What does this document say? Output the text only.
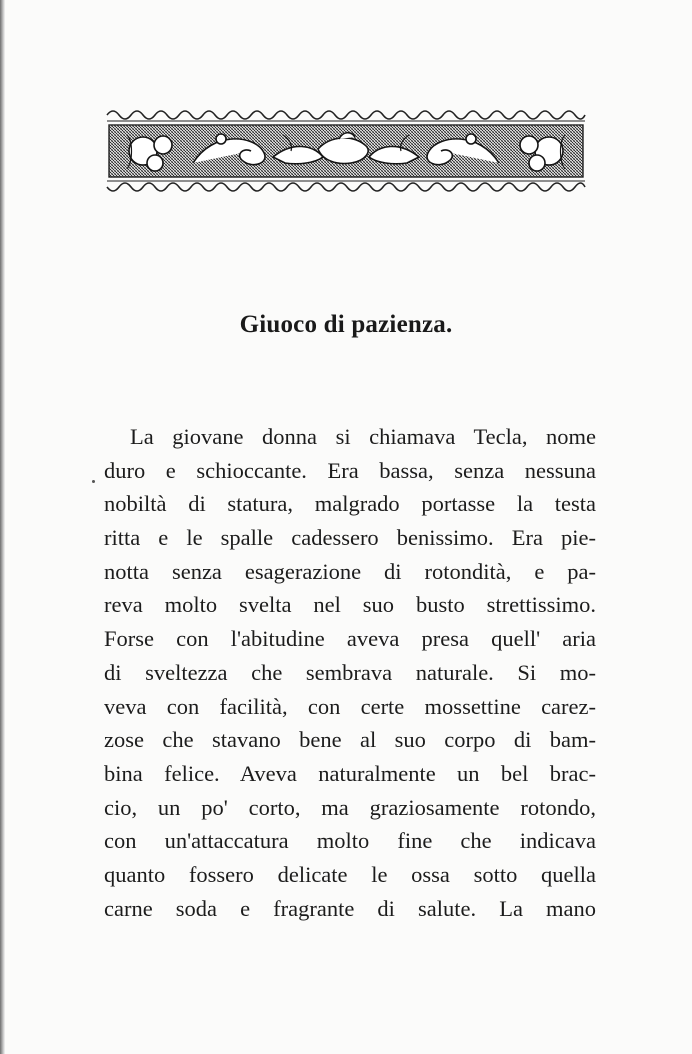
Giuoco di pazienza.
La giovane donna si chiamava Tecla, nome
duro e schioccante. Era bassa, senza nessuna
nobiltà di statura, malgrado portasse la testa
ritta e le spalle cadessero benissimo. Era pie-
notta senza esagerazione di rotondità, e pa-
reva molto svelta nel suo busto strettissimo.
Forse con l'abitudine aveva presa quell' aria
di sveltezza che sembrava naturale. Si mo-
veva con facilità, con certe mossettine carez-
zose che stavano bene al suo corpo di bam-
bina felice. Aveva naturalmente un bel brac-
cio, un po' corto, ma graziosamente rotondo,
con un'attaccatura molto fine che indicava
quanto fossero delicate le ossa sotto quella
carne soda e fragrante di salute. La mano
